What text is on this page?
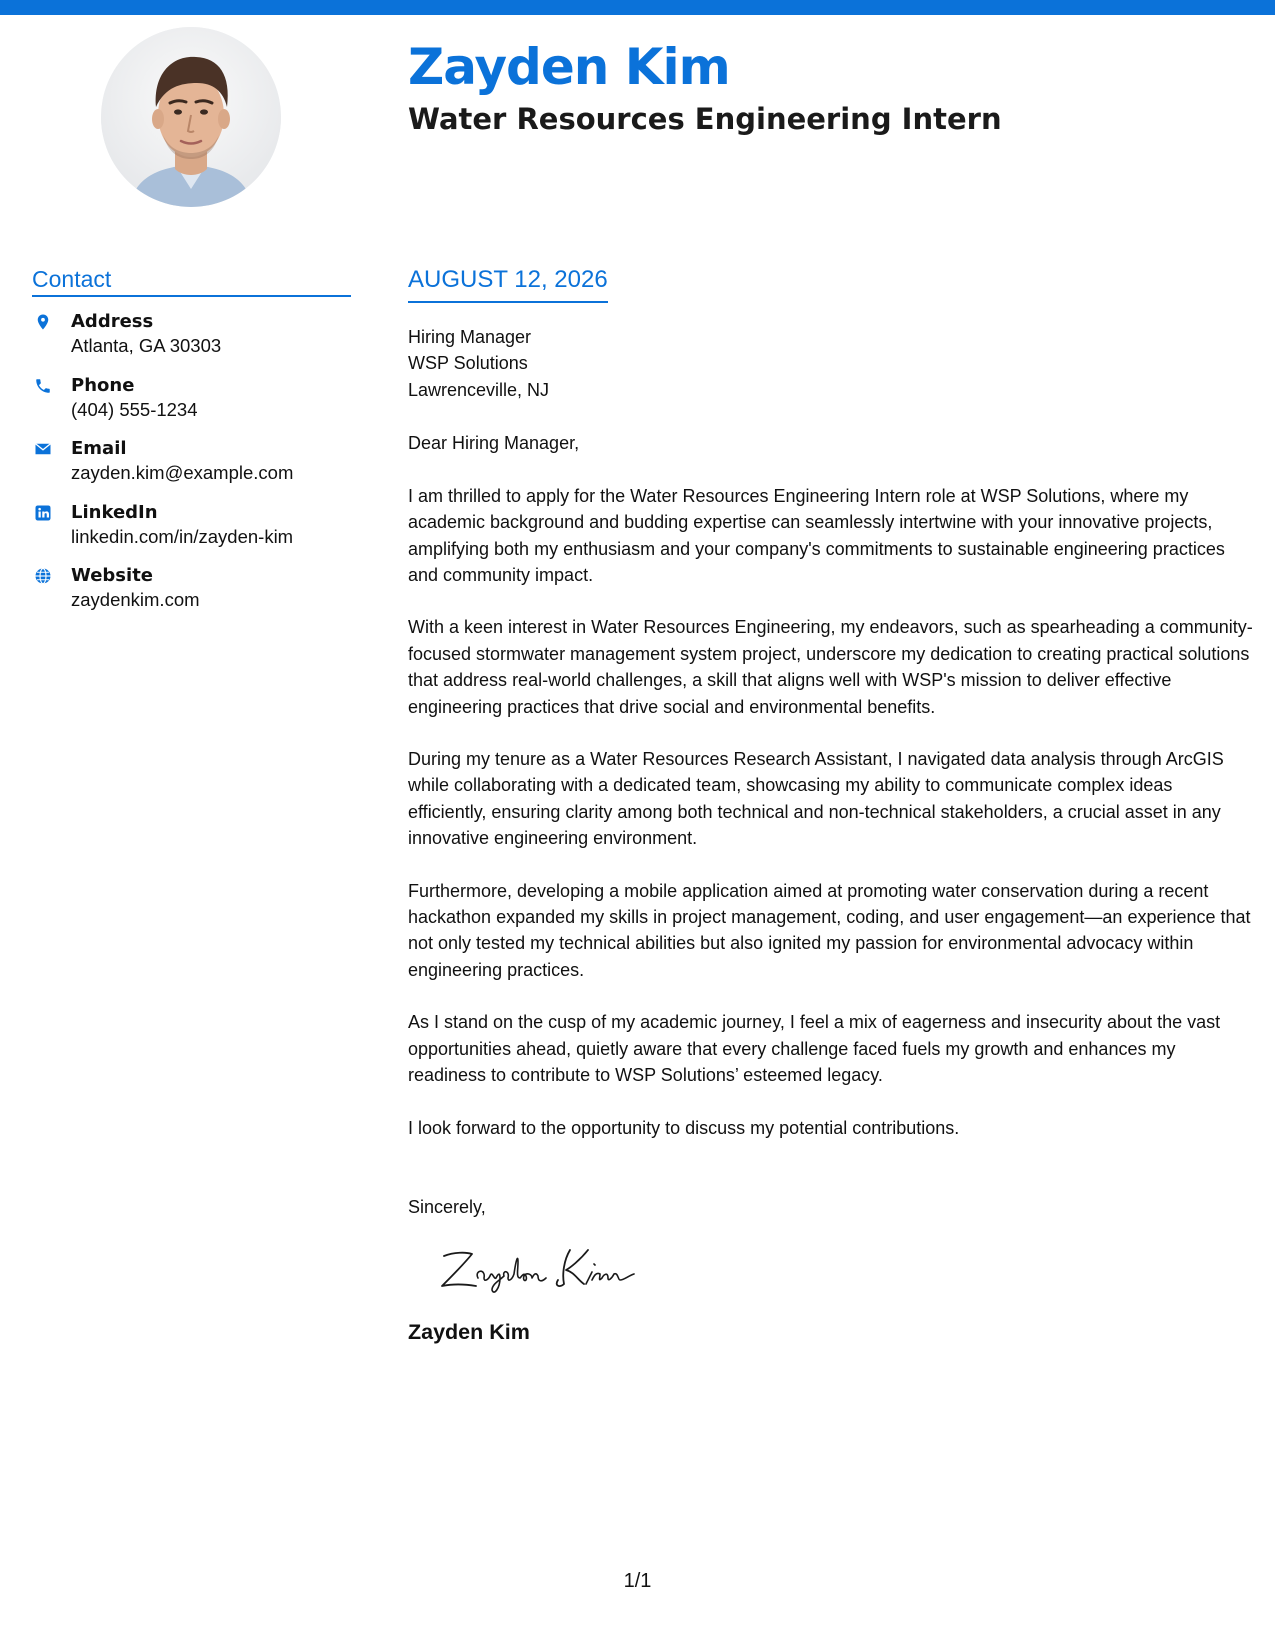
Zayden Kim
Water Resources Engineering Intern
Contact
Address
Atlanta, GA 30303
Phone
(404) 555-1234
Email
zayden.kim@example.com
LinkedIn
linkedin.com/in/zayden-kim
Website
zaydenkim.com
AUGUST 12, 2026
Hiring Manager
WSP Solutions
Lawrenceville, NJ
Dear Hiring Manager,

I am thrilled to apply for the Water Resources Engineering Intern role at WSP Solutions, where my academic background and budding expertise can seamlessly intertwine with your innovative projects, amplifying both my enthusiasm and your company's commitments to sustainable engineering practices and community impact.

With a keen interest in Water Resources Engineering, my endeavors, such as spearheading a community-focused stormwater management system project, underscore my dedication to creating practical solutions that address real-world challenges, a skill that aligns well with WSP's mission to deliver effective engineering practices that drive social and environmental benefits.

During my tenure as a Water Resources Research Assistant, I navigated data analysis through ArcGIS while collaborating with a dedicated team, showcasing my ability to communicate complex ideas efficiently, ensuring clarity among both technical and non-technical stakeholders, a crucial asset in any innovative engineering environment.

Furthermore, developing a mobile application aimed at promoting water conservation during a recent hackathon expanded my skills in project management, coding, and user engagement—an experience that not only tested my technical abilities but also ignited my passion for environmental advocacy within engineering practices.

As I stand on the cusp of my academic journey, I feel a mix of eagerness and insecurity about the vast opportunities ahead, quietly aware that every challenge faced fuels my growth and enhances my readiness to contribute to WSP Solutions’ esteemed legacy.

I look forward to the opportunity to discuss my potential contributions.

Sincerely,
Zayden Kim
1/1
